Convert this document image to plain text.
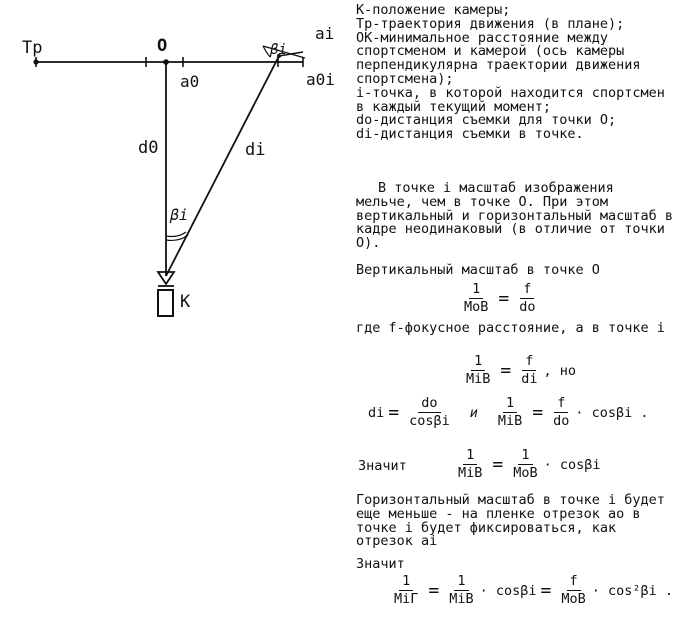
Тр	O
a0
ai
a0i
d0	di
βi
βi
K

К-положение камеры;

Тр-траектория движения (в плане);

ОК-минимальное расстояние между спортсменом и камерой (ось камеры перпендикулярна траектории движения спортсмена);

i-точка, в которой находится спортсмен в каждый текущий момент;

dо-дистанция съемки для точки О;

di-дистанция съемки в точке.

В точке i масштаб изображения мельче, чем в точке О. При этом вертикальный и горизонтальный масштаб в кадре неодинаковый (в отличие от точки О).
Вертикальный масштаб в точке О
$\frac{1}{\text{MoB}} = \frac{f}{do}$
где f-фокусное расстояние, а в точке i
$\frac{1}{\text{MiB}} = \frac{f}{di}$ , но
di = $\frac{do}{\cos\beta i}$ и $\frac{1}{\text{MiB}} = \frac{f}{do} \cdot \cos\beta i$ .
Значит	$\frac{1}{\text{MiB}} = \frac{1}{\text{MoB}} \cdot \cos\beta i$
Горизонтальный масштаб в точке i будет еще меньше - на пленке отрезок ао в точке i будет фиксироваться, как отрезок аi
Значит
$\frac{1}{\text{MiГ}} = \frac{1}{\text{MiB}} \cdot \cos\beta i = \frac{f}{\text{MoB}} \cdot \cos^2\beta i$ .
